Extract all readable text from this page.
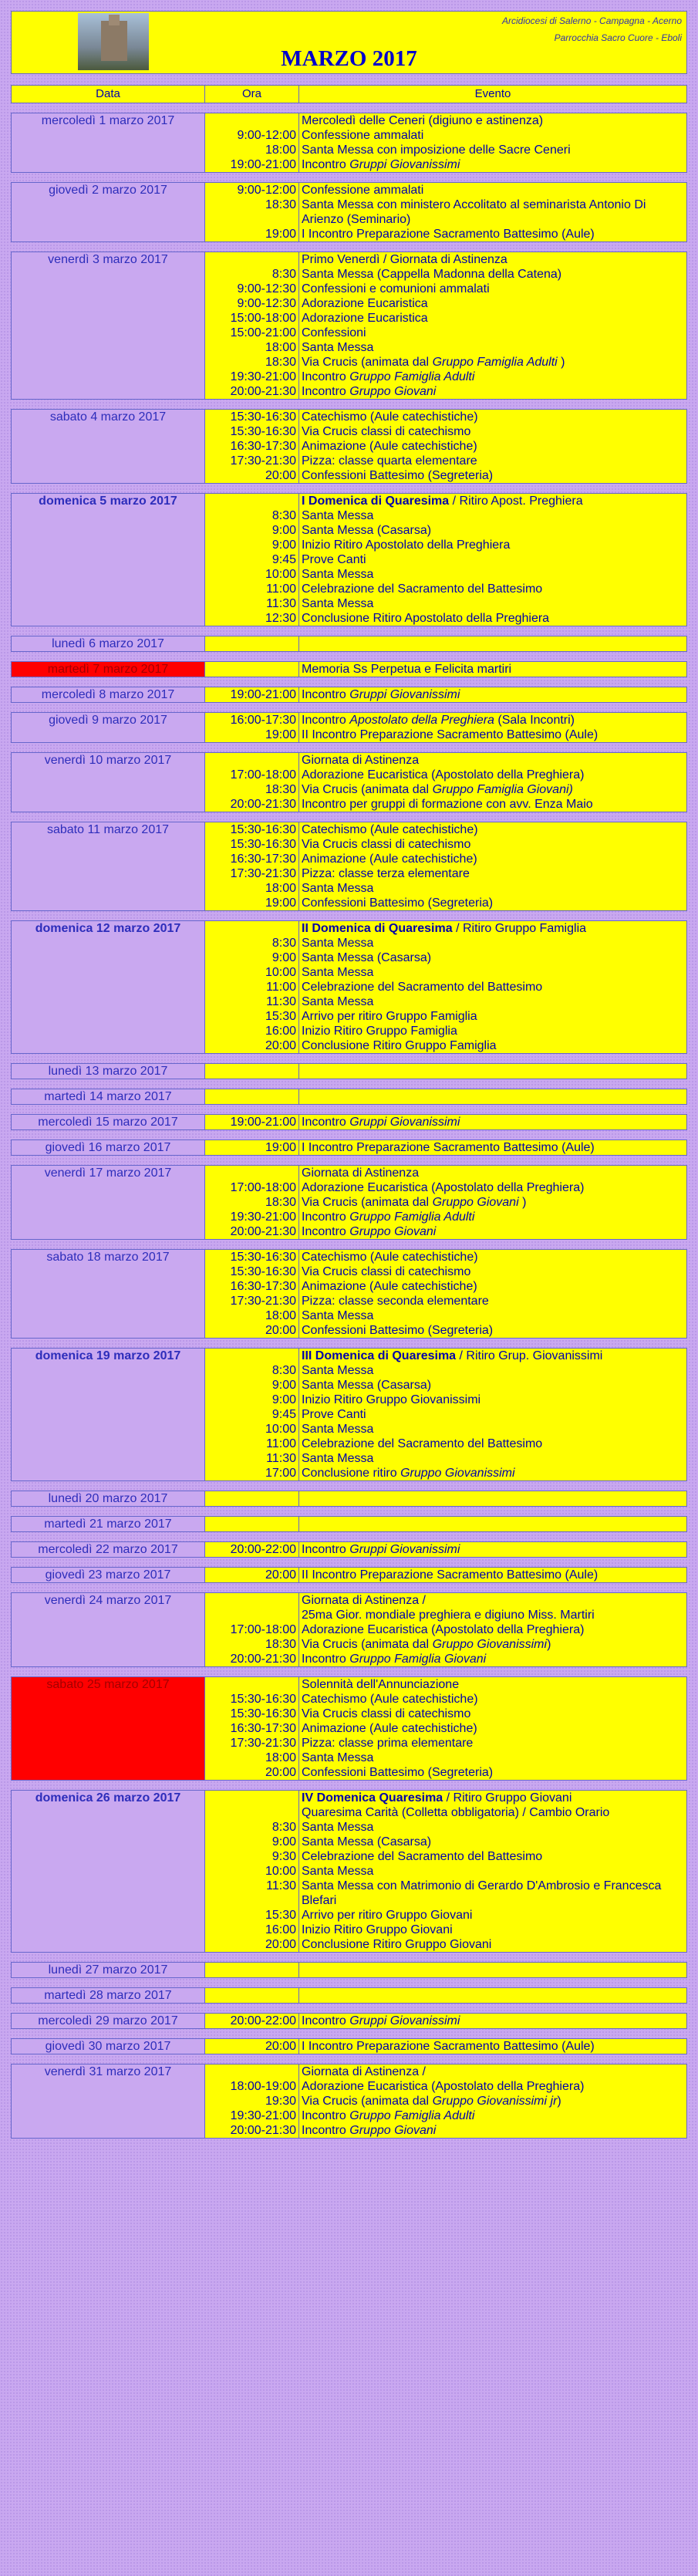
Arcidiocesi di Salerno - Campagna - Acerno
Parrocchia Sacro Cuore - Eboli
MARZO 2017
Data	Ora	Evento
mercoledì 1 marzo 2017	Mercoledì delle Ceneri (digiuno e astinenza)
9:00-12:00 Confessione ammalati
18:00 Santa Messa con imposizione delle Sacre Ceneri
19:00-21:00 Incontro Gruppi Giovanissimi
giovedì 2 marzo 2017	9:00-12:00 Confessione ammalati
18:30 Santa Messa con ministero Accolitato al seminarista Antonio Di Arienzo (Seminario)
19:00 I Incontro Preparazione Sacramento Battesimo (Aule)
venerdì 3 marzo 2017	Primo Venerdì / Giornata di Astinenza
8:30 Santa Messa (Cappella Madonna della Catena)
9:00-12:30 Confessioni e comunioni ammalati
9:00-12:30 Adorazione Eucaristica
15:00-18:00 Adorazione Eucaristica
15:00-21:00 Confessioni
18:00 Santa Messa
18:30 Via Crucis (animata dal Gruppo Famiglia Adulti )
19:30-21:00 Incontro Gruppo Famiglia Adulti
20:00-21:30 Incontro Gruppo Giovani
sabato 4 marzo 2017	15:30-16:30 Catechismo (Aule catechistiche)
15:30-16:30 Via Crucis classi di catechismo
16:30-17:30 Animazione (Aule catechistiche)
17:30-21:30 Pizza: classe quarta elementare
20:00 Confessioni Battesimo (Segreteria)
domenica 5 marzo 2017	I Domenica di Quaresima / Ritiro Apost. Preghiera
8:30 Santa Messa
9:00 Santa Messa (Casarsa)
9:00 Inizio Ritiro Apostolato della Preghiera
9:45 Prove Canti
10:00 Santa Messa
11:00 Celebrazione del Sacramento del Battesimo
11:30 Santa Messa
12:30 Conclusione Ritiro Apostolato della Preghiera
lunedì 6 marzo 2017
martedì 7 marzo 2017	Memoria Ss Perpetua e Felicita martiri
mercoledì 8 marzo 2017	19:00-21:00 Incontro Gruppi Giovanissimi
giovedì 9 marzo 2017	16:00-17:30 Incontro Apostolato della Preghiera (Sala Incontri)
19:00 II Incontro Preparazione Sacramento Battesimo (Aule)
venerdì 10 marzo 2017	Giornata di Astinenza
17:00-18:00 Adorazione Eucaristica (Apostolato della Preghiera)
18:30 Via Crucis (animata dal Gruppo Famiglia Giovani)
20:00-21:30 Incontro per gruppi di formazione con avv. Enza Maio
sabato 11 marzo 2017	15:30-16:30 Catechismo (Aule catechistiche)
15:30-16:30 Via Crucis classi di catechismo
16:30-17:30 Animazione (Aule catechistiche)
17:30-21:30 Pizza: classe terza elementare
18:00 Santa Messa
19:00 Confessioni Battesimo (Segreteria)
domenica 12 marzo 2017	II Domenica di Quaresima / Ritiro Gruppo Famiglia
8:30 Santa Messa
9:00 Santa Messa (Casarsa)
10:00 Santa Messa
11:00 Celebrazione del Sacramento del Battesimo
11:30 Santa Messa
15:30 Arrivo per ritiro Gruppo Famiglia
16:00 Inizio Ritiro Gruppo Famiglia
20:00 Conclusione Ritiro Gruppo Famiglia
lunedì 13 marzo 2017
martedì 14 marzo 2017
mercoledì 15 marzo 2017	19:00-21:00 Incontro Gruppi Giovanissimi
giovedì 16 marzo 2017	19:00 I Incontro Preparazione Sacramento Battesimo (Aule)
venerdì 17 marzo 2017	Giornata di Astinenza
17:00-18:00 Adorazione Eucaristica (Apostolato della Preghiera)
18:30 Via Crucis (animata dal Gruppo Giovani )
19:30-21:00 Incontro Gruppo Famiglia Adulti
20:00-21:30 Incontro Gruppo Giovani
sabato 18 marzo 2017	15:30-16:30 Catechismo (Aule catechistiche)
15:30-16:30 Via Crucis classi di catechismo
16:30-17:30 Animazione (Aule catechistiche)
17:30-21:30 Pizza: classe seconda elementare
18:00 Santa Messa
20:00 Confessioni Battesimo (Segreteria)
domenica 19 marzo 2017	III Domenica di Quaresima / Ritiro Grup. Giovanissimi
8:30 Santa Messa
9:00 Santa Messa (Casarsa)
9:00 Inizio Ritiro Gruppo Giovanissimi
9:45 Prove Canti
10:00 Santa Messa
11:00 Celebrazione del Sacramento del Battesimo
11:30 Santa Messa
17:00 Conclusione ritiro Gruppo Giovanissimi
lunedì 20 marzo 2017
martedì 21 marzo 2017
mercoledì 22 marzo 2017	20:00-22:00 Incontro Gruppi Giovanissimi
giovedì 23 marzo 2017	20:00 II Incontro Preparazione Sacramento Battesimo (Aule)
venerdì 24 marzo 2017	Giornata di Astinenza /
25ma Gior. mondiale preghiera e digiuno Miss. Martiri
17:00-18:00 Adorazione Eucaristica (Apostolato della Preghiera)
18:30 Via Crucis (animata dal Gruppo Giovanissimi)
20:00-21:30 Incontro Gruppo Famiglia Giovani
sabato 25 marzo 2017	Solennità dell'Annunciazione
15:30-16:30 Catechismo (Aule catechistiche)
15:30-16:30 Via Crucis classi di catechismo
16:30-17:30 Animazione (Aule catechistiche)
17:30-21:30 Pizza: classe prima elementare
18:00 Santa Messa
20:00 Confessioni Battesimo (Segreteria)
domenica 26 marzo 2017	IV Domenica Quaresima / Ritiro Gruppo Giovani
Quaresima Carità (Colletta obbligatoria) / Cambio Orario
8:30 Santa Messa
9:00 Santa Messa (Casarsa)
9:30 Celebrazione del Sacramento del Battesimo
10:00 Santa Messa
11:30 Santa Messa con Matrimonio di Gerardo D'Ambrosio e Francesca Blefari
15:30 Arrivo per ritiro Gruppo Giovani
16:00 Inizio Ritiro Gruppo Giovani
20:00 Conclusione Ritiro Gruppo Giovani
lunedì 27 marzo 2017
martedì 28 marzo 2017
mercoledì 29 marzo 2017	20:00-22:00 Incontro Gruppi Giovanissimi
giovedì 30 marzo 2017	20:00 I Incontro Preparazione Sacramento Battesimo (Aule)
venerdì 31 marzo 2017	Giornata di Astinenza /
18:00-19:00 Adorazione Eucaristica (Apostolato della Preghiera)
19:30 Via Crucis (animata dal Gruppo Giovanissimi jr)
19:30-21:00 Incontro Gruppo Famiglia Adulti
20:00-21:30 Incontro Gruppo Giovani
